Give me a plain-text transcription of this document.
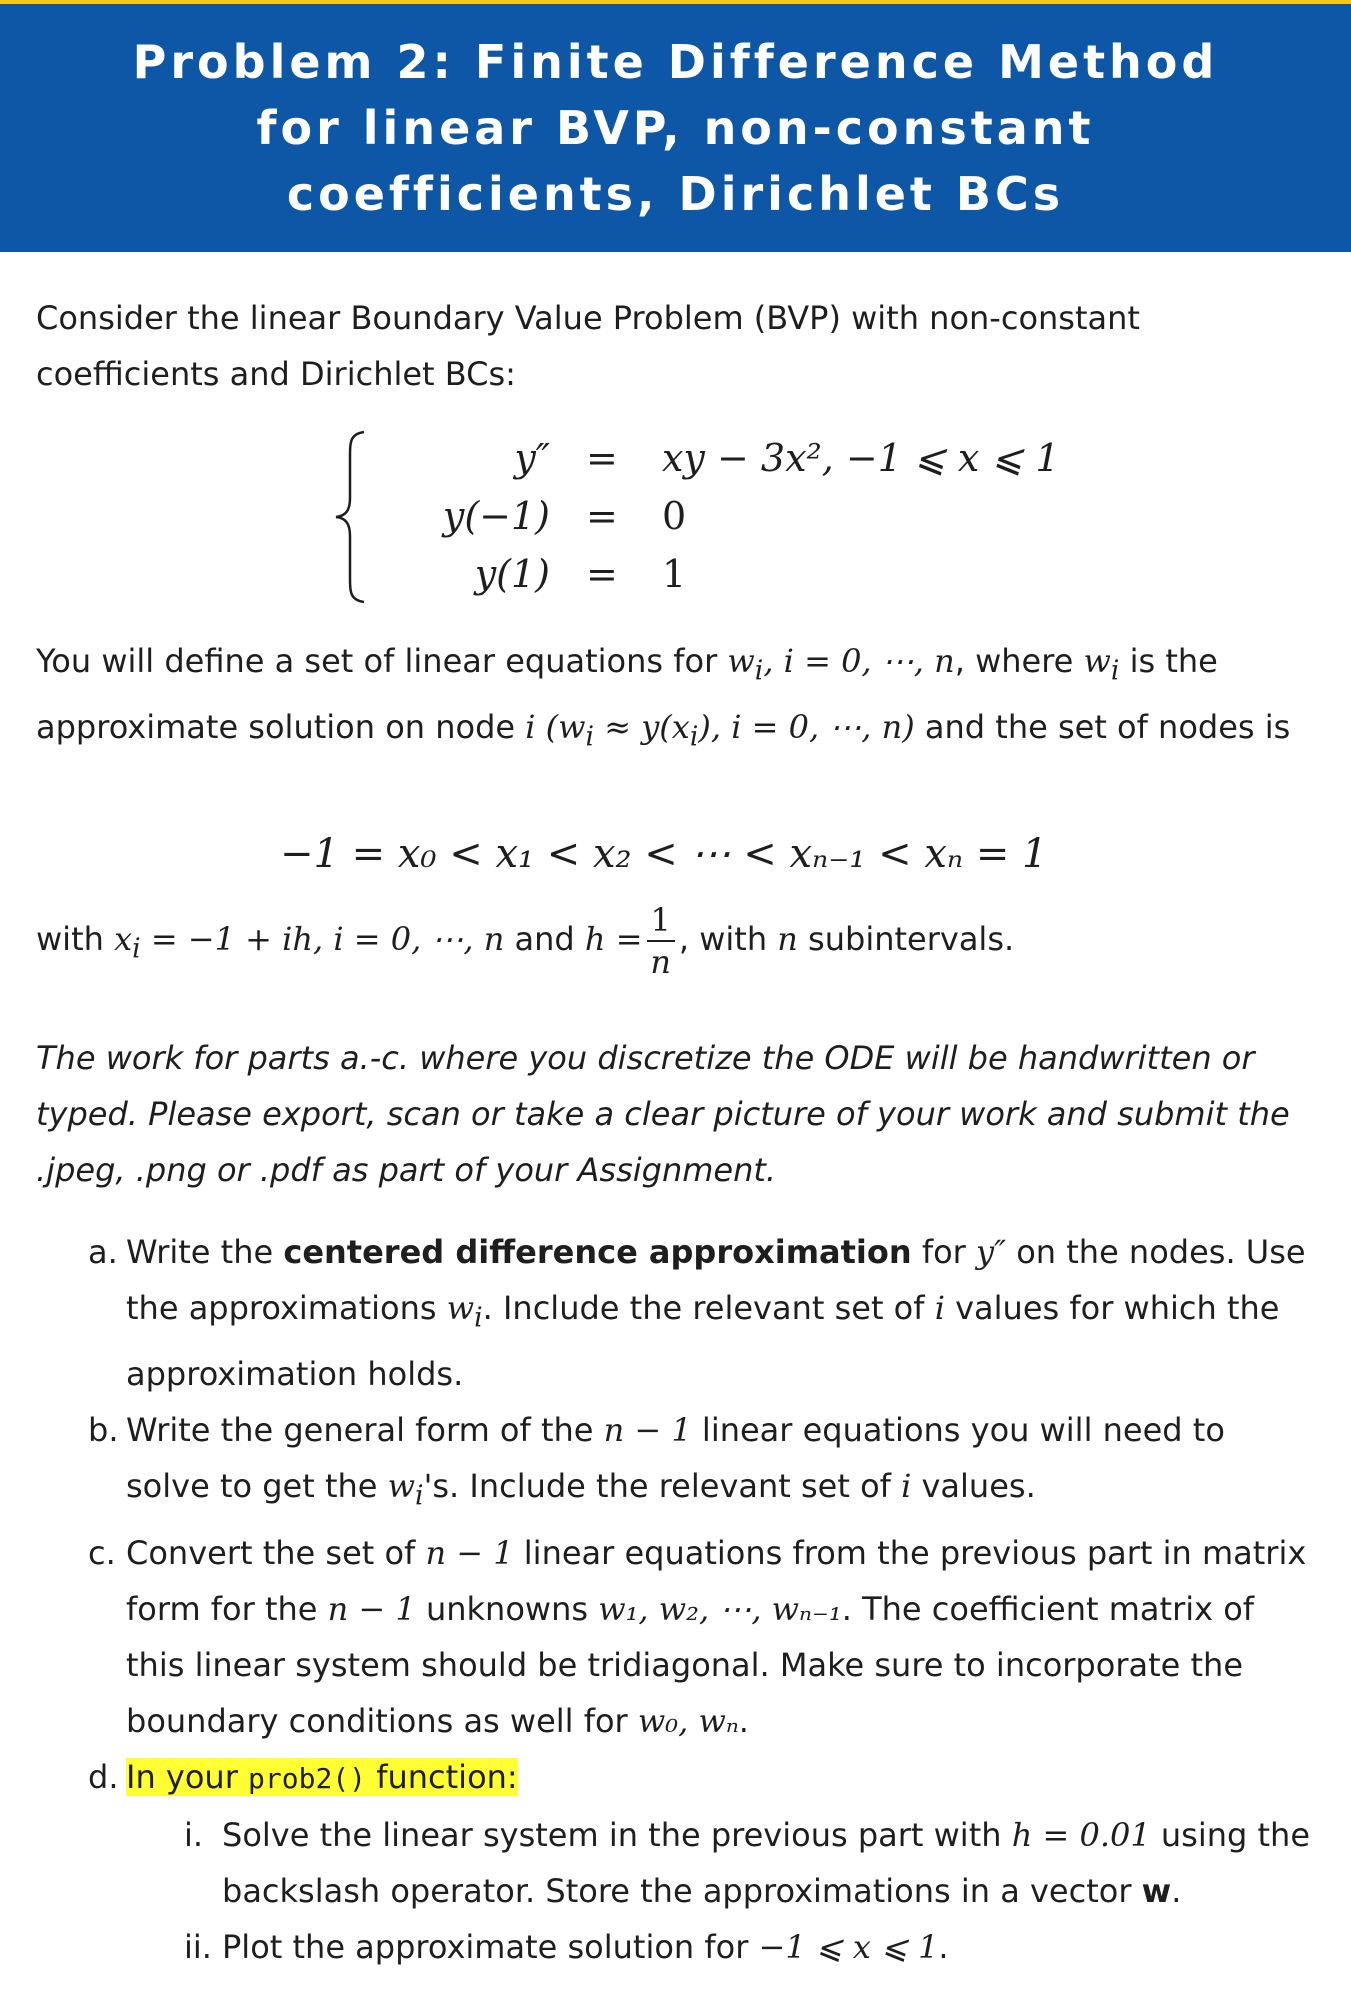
Problem 2: Finite Difference Method for linear BVP, non-constant coefficients, Dirichlet BCs

Consider the linear Boundary Value Problem (BVP) with non-constant coefficients and Dirichlet BCs:

y″ = xy − 3x², −1 ⩽ x ⩽ 1
y(−1) = 0
y(1) = 1

You will define a set of linear equations for $w_i$, i = 0, ⋯, n, where $w_i$ is the approximate solution on node i ($w_i \approx y(x_i)$, i = 0, ⋯, n) and the set of nodes is

−1 = x₀ < x₁ < x₂ < ⋯ < xₙ₋₁ < xₙ = 1

with $x_i = -1$ + ih, i = 0, ⋯, n and $h = \frac{1}{n}$ , with n subintervals.

The work for parts a.-c. where you discretize the ODE will be handwritten or typed. Please export, scan or take a clear picture of your work and submit the .jpeg, .png or .pdf as part of your Assignment.

a. Write the centered difference approximation for y″ on the nodes. Use the approximations $w_i$. Include the relevant set of i values for which the approximation holds.
b. Write the general form of the n − 1 linear equations you will need to solve to get the $w_i's$. Include the relevant set of i values.
c. Convert the set of n − 1 linear equations from the previous part in matrix form for the n − 1 unknowns w₁, w₂, ⋯, wₙ₋₁. The coefficient matrix of this linear system should be tridiagonal. Make sure to incorporate the boundary conditions as well for w₀, wₙ.
d. In your prob2() function:
i. Solve the linear system in the previous part with h = 0.01 using the backslash operator. Store the approximations in a vector w.
ii. Plot the approximate solution for −1 ⩽ x ⩽ 1.
